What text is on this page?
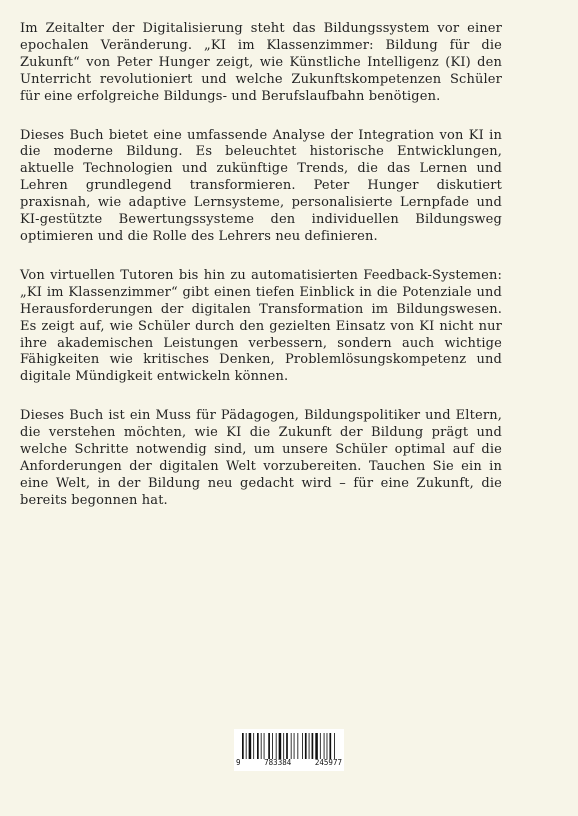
Im Zeitalter der Digitalisierung steht das Bildungssystem vor einer epochalen Veränderung. „KI im Klassenzimmer: Bildung für die Zukunft“ von Peter Hunger zeigt, wie Künstliche Intelligenz (KI) den Unterricht revolutioniert und welche Zukunftskompetenzen Schüler für eine erfolgreiche Bildungs- und Berufslaufbahn benötigen.

Dieses Buch bietet eine umfassende Analyse der Integration von KI in die moderne Bildung. Es beleuchtet historische Entwicklungen, aktuelle Technologien und zukünftige Trends, die das Lernen und Lehren grundlegend transformieren. Peter Hunger diskutiert praxisnah, wie adaptive Lernsysteme, personalisierte Lernpfade und KI-gestützte Bewertungssysteme den individuellen Bildungsweg optimieren und die Rolle des Lehrers neu definieren.

Von virtuellen Tutoren bis hin zu automatisierten Feedback-Systemen: „KI im Klassenzimmer“ gibt einen tiefen Einblick in die Potenziale und Herausforderungen der digitalen Transformation im Bildungswesen. Es zeigt auf, wie Schüler durch den gezielten Einsatz von KI nicht nur ihre akademischen Leistungen verbessern, sondern auch wichtige Fähigkeiten wie kritisches Denken, Problemlösungskompetenz und digitale Mündigkeit entwickeln können.

Dieses Buch ist ein Muss für Pädagogen, Bildungspolitiker und Eltern, die verstehen möchten, wie KI die Zukunft der Bildung prägt und welche Schritte notwendig sind, um unsere Schüler optimal auf die Anforderungen der digitalen Welt vorzubereiten. Tauchen Sie ein in eine Welt, in der Bildung neu gedacht wird – für eine Zukunft, die bereits begonnen hat.

9	783384	245977
